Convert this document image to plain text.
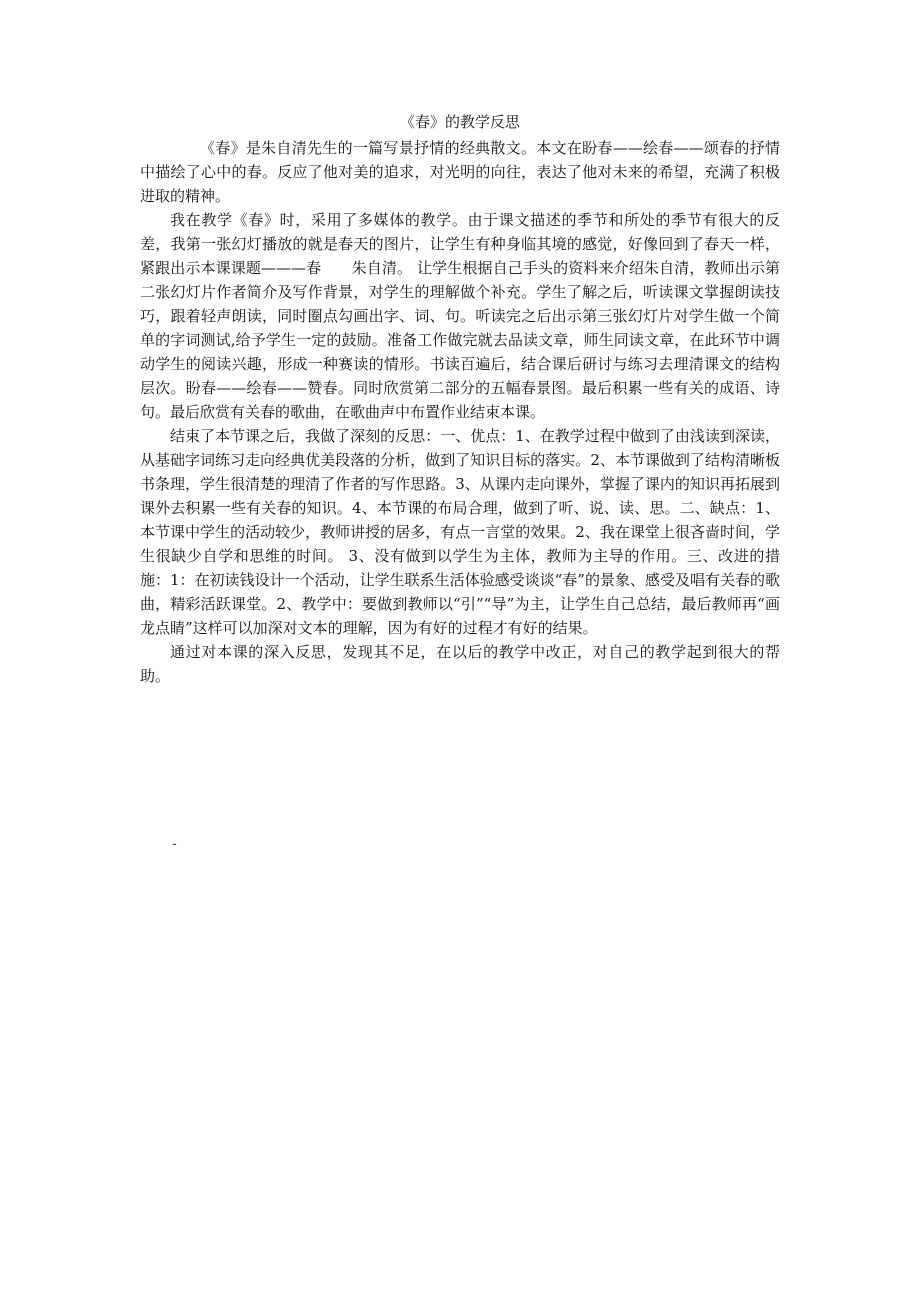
《春》的教学反思

《春》是朱自清先生的一篇写景抒情的经典散文。本文在盼春——绘春——颂春的抒情中描绘了心中的春。反应了他对美的追求，对光明的向往，表达了他对未来的希望，充满了积极进取的精神。

我在教学《春》时，采用了多媒体的教学。由于课文描述的季节和所处的季节有很大的反差，我第一张幻灯播放的就是春天的图片，让学生有种身临其境的感觉，好像回到了春天一样，紧跟出示本课课题———春　　朱自清。 让学生根据自己手头的资料来介绍朱自清，教师出示第二张幻灯片作者简介及写作背景，对学生的理解做个补充。学生了解之后，听读课文掌握朗读技巧，跟着轻声朗读，同时圈点勾画出字、词、句。听读完之后出示第三张幻灯片对学生做一个简单的字词测试,给予学生一定的鼓励。准备工作做完就去品读文章，师生同读文章，在此环节中调动学生的阅读兴趣，形成一种赛读的情形。书读百遍后，结合课后研讨与练习去理清课文的结构层次。盼春——绘春——赞春。同时欣赏第二部分的五幅春景图。最后积累一些有关的成语、诗句。最后欣赏有关春的歌曲，在歌曲声中布置作业结束本课。

结束了本节课之后，我做了深刻的反思：一、优点：1、在教学过程中做到了由浅读到深读，从基础字词练习走向经典优美段落的分析，做到了知识目标的落实。2、本节课做到了结构清晰板书条理，学生很清楚的理清了作者的写作思路。3、从课内走向课外，掌握了课内的知识再拓展到课外去积累一些有关春的知识。4、本节课的布局合理，做到了听、说、读、思。二、缺点：1、本节课中学生的活动较少，教师讲授的居多，有点一言堂的效果。2、我在课堂上很吝啬时间，学生很缺少自学和思维的时间。 3、没有做到以学生为主体，教师为主导的作用。三、改进的措施：1：在初读钱设计一个活动，让学生联系生活体验感受谈谈“春”的景象、感受及唱有关春的歌曲，精彩活跃课堂。2、教学中：要做到教师以“引”“导”为主，让学生自己总结，最后教师再“画龙点睛”这样可以加深对文本的理解，因为有好的过程才有好的结果。

通过对本课的深入反思，发现其不足，在以后的教学中改正，对自己的教学起到很大的帮助。

-
